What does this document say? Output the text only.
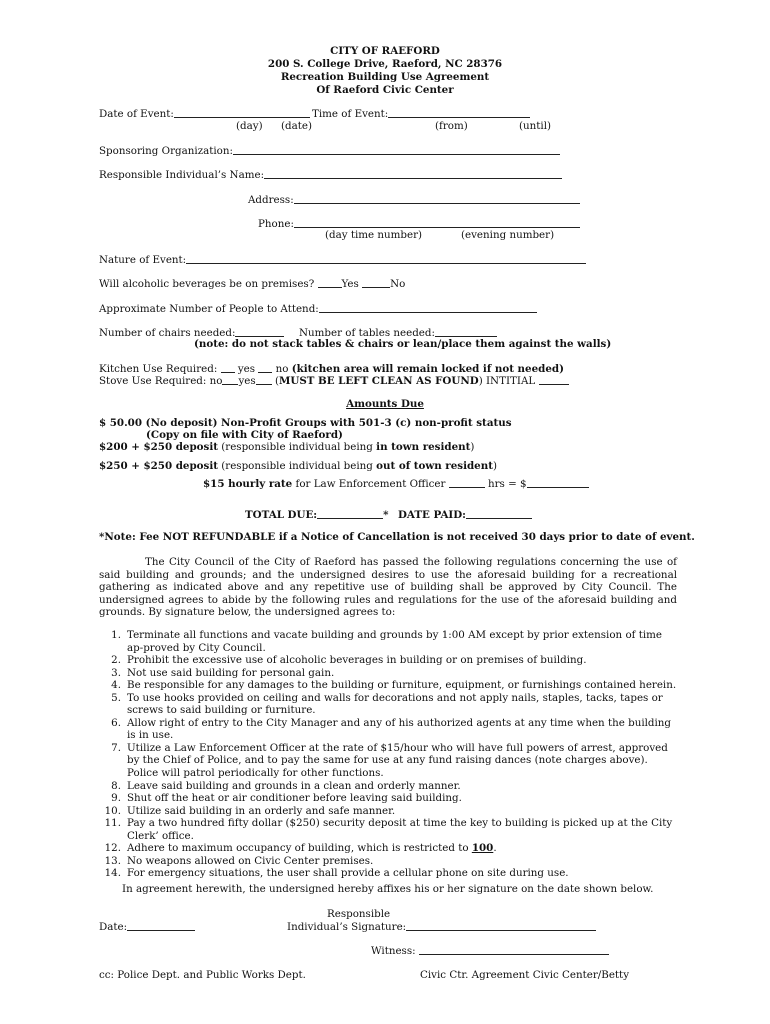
CITY OF RAEFORD
200 S. College Drive, Raeford, NC 28376
Recreation Building Use Agreement
Of Raeford Civic Center
Date of Event:	Time of Event:
(day) (date)	(from)	(until)
Sponsoring Organization:
Responsible Individual’s Name:
Address:
Phone:
(day time number)	(evening number)
Nature of Event:
Will alcoholic beverages be on premises?	Yes	No
Approximate Number of People to Attend:
Number of chairs needed:	Number of tables needed:
(note: do not stack tables & chairs or lean/place them against the walls)
Kitchen Use Required: yes no (kitchen area will remain locked if not needed)
Stove Use Required: no yes (MUST BE LEFT CLEAN AS FOUND) INTITIAL
Amounts Due
$ 50.00 (No deposit) Non-Profit Groups with 501-3 (c) non-profit status
(Copy on file with City of Raeford)
$200 + $250 deposit (responsible individual being in town resident)
$250 + $250 deposit (responsible individual being out of town resident)
$15 hourly rate for Law Enforcement Officer	hrs = $
TOTAL DUE:	* DATE PAID:
*Note: Fee NOT REFUNDABLE if a Notice of Cancellation is not received 30 days prior to date of event.
The City Council of the City of Raeford has passed the following regulations concerning the use of said building and grounds; and the undersigned desires to use the aforesaid building for a recreational gathering as indicated above and any repetitive use of building shall be approved by City Council. The undersigned agrees to abide by the following rules and regulations for the use of the aforesaid building and grounds. By signature below, the undersigned agrees to:
1. Terminate all functions and vacate building and grounds by 1:00 AM except by prior extension of time ap-proved by City Council.
2. Prohibit the excessive use of alcoholic beverages in building or on premises of building.
3. Not use said building for personal gain.
4. Be responsible for any damages to the building or furniture, equipment, or furnishings contained herein.
5. To use hooks provided on ceiling and walls for decorations and not apply nails, staples, tacks, tapes or screws to said building or furniture.
6. Allow right of entry to the City Manager and any of his authorized agents at any time when the building is in use.
7. Utilize a Law Enforcement Officer at the rate of $15/hour who will have full powers of arrest, approved by the Chief of Police, and to pay the same for use at any fund raising dances (note charges above). Police will patrol periodically for other functions.
8. Leave said building and grounds in a clean and orderly manner.
9. Shut off the heat or air conditioner before leaving said building.
10. Utilize said building in an orderly and safe manner.
11. Pay a two hundred fifty dollar ($250) security deposit at time the key to building is picked up at the City Clerk’ office.
12. Adhere to maximum occupancy of building, which is restricted to 100.
13. No weapons allowed on Civic Center premises.
14. For emergency situations, the user shall provide a cellular phone on site during use.
In agreement herewith, the undersigned hereby affixes his or her signature on the date shown below.
Responsible
Date:	Individual’s Signature:
Witness:
cc: Police Dept. and Public Works Dept.	Civic Ctr. Agreement Civic Center/Betty
